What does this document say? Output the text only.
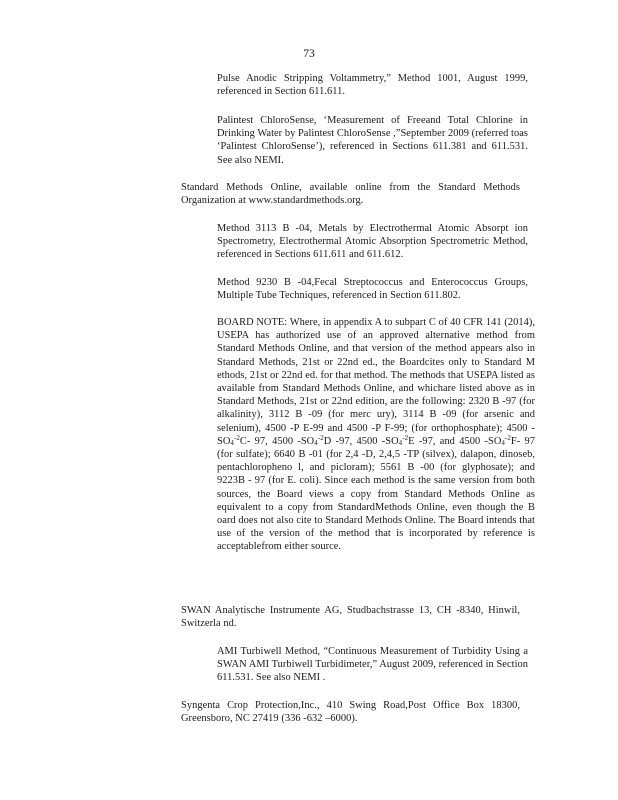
73

Pulse Anodic Stripping Voltammetry,” Method 1001, August 1999, referenced in Section 611.611.

Palintest ChloroSense, ‘Measurement of Freeand Total Chlorine in Drinking Water by Palintest ChloroSense ,”September 2009 (referred toas ‘Palintest ChloroSense’), referenced in Sections 611.381 and 611.531. See also NEMI.

Standard Methods Online, available online from the Standard Methods Organization at www.standardmethods.org.

Method 3113 B -04, Metals by Electrothermal Atomic Absorpt ion Spectrometry, Electrothermal Atomic Absorption Spectrometric Method, referenced in Sections 611.611 and 611.612.

Method 9230 B -04,Fecal Streptococcus and Enterococcus Groups, Multiple Tube Techniques, referenced in Section 611.802.

BOARD NOTE: Where, in appendix A to subpart C of 40 CFR 141 (2014), USEPA has authorized use of an approved alternative method from Standard Methods Online, and that version of the method appears also in Standard Methods, 21st or 22nd ed., the Boardcites only to Standard M ethods, 21st or 22nd ed. for that method. The methods that USEPA listed as available from Standard Methods Online, and whichare listed above as in Standard Methods, 21st or 22nd edition, are the following: 2320 B -97 (for alkalinity), 3112 B -09 (for merc ury), 3114 B -09 (for arsenic and selenium), 4500 -P E-99 and 4500 -P F-99; (for orthophosphate); 4500 $-SO_4^{-2}C-$ 97, 4500 $-SO_4^{-2}D$ -97, 4500 $-SO_4^{-2}E$ -97, and 4500 $-SO_4^{-2}F-$ 97 (for sulfate); 6640 B -01 (for 2,4 -D, 2,4,5 -TP (silvex), dalapon, dinoseb, pentachloropheno l, and picloram); 5561 B -00 (for glyphosate); and 9223B - 97 (for E. coli). Since each method is the same version from both sources, the Board views a copy from Standard Methods Online as equivalent to a copy from StandardMethods Online, even though the B oard does not also cite to Standard Methods Online. The Board intends that use of the version of the method that is incorporated by reference is acceptablefrom either source.

SWAN Analytische Instrumente AG, Studbachstrasse 13, CH -8340, Hinwil, Switzerla nd.

AMI Turbiwell Method, “Continuous Measurement of Turbidity Using a SWAN AMI Turbiwell Turbidimeter,” August 2009, referenced in Section 611.531. See also NEMI .

Syngenta Crop Protection,Inc., 410 Swing Road,Post Office Box 18300, Greensboro, NC 27419 (336 -632 –6000).
